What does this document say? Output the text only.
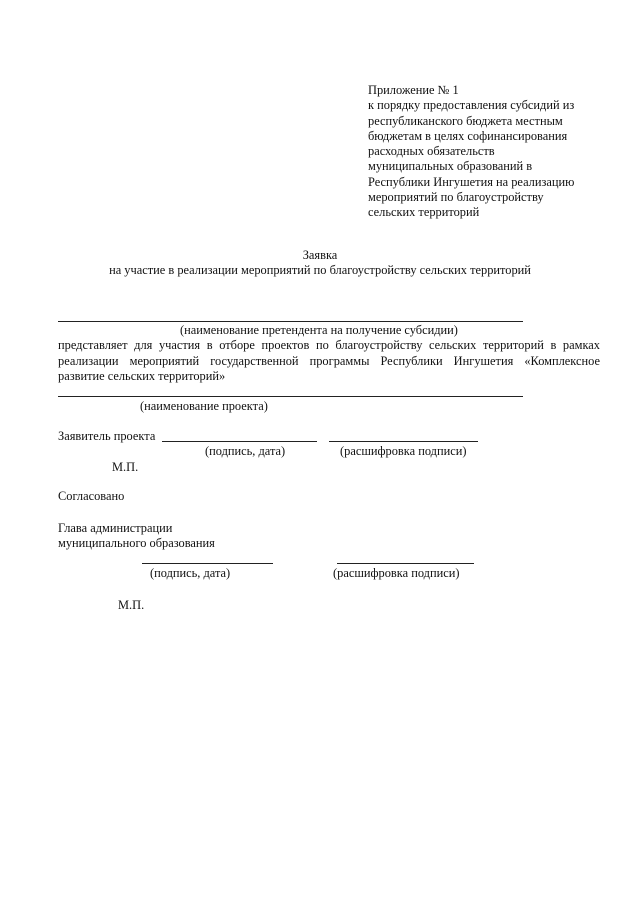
Приложение № 1
к порядку предоставления субсидий из
республиканского бюджета местным
бюджетам в целях софинансирования
расходных обязательств
муниципальных образований в
Республики Ингушетия на реализацию
мероприятий по благоустройству
сельских территорий
Заявка
на участие в реализации мероприятий по благоустройству сельских территорий
(наименование претендента на получение субсидии)
представляет для участия в отборе проектов по благоустройству сельских территорий в рамках
реализации мероприятий государственной программы Республики Ингушетия «Комплексное
развитие сельских территорий»
(наименование проекта)
Заявитель проекта
(подпись, дата)	(расшифровка подписи)
М.П.
Согласовано
Глава администрации
муниципального образования
(подпись, дата)	(расшифровка подписи)
М.П.
